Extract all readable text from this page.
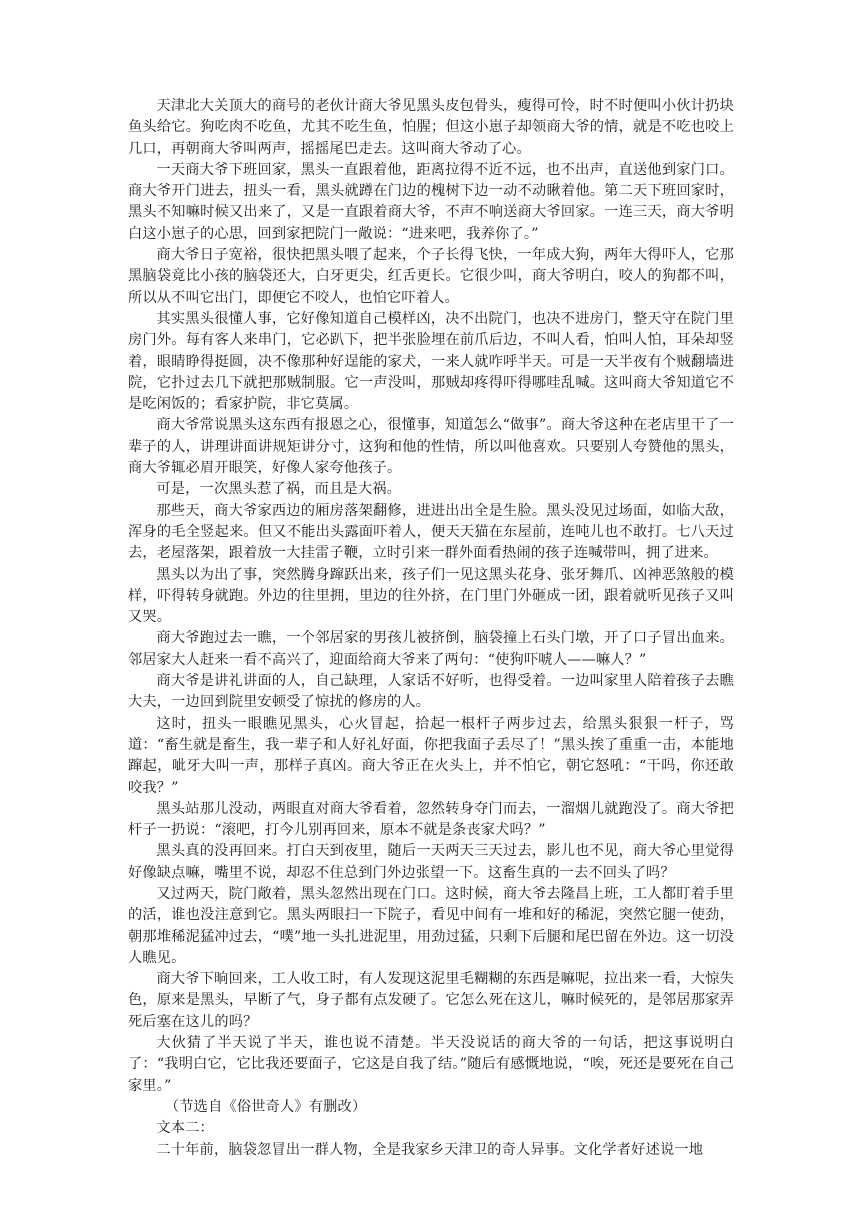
天津北大关顶大的商号的老伙计商大爷见黑头皮包骨头，瘦得可怜，时不时便叫小伙计扔块鱼头给它。狗吃肉不吃鱼，尤其不吃生鱼，怕腥；但这小崽子却领商大爷的情，就是不吃也咬上几口，再朝商大爷叫两声，摇摇尾巴走去。这叫商大爷动了心。

一天商大爷下班回家，黑头一直跟着他，距离拉得不近不远，也不出声，直送他到家门口。商大爷开门进去，扭头一看，黑头就蹲在门边的槐树下边一动不动瞅着他。第二天下班回家时，黑头不知嘛时候又出来了，又是一直跟着商大爷，不声不响送商大爷回家。一连三天，商大爷明白这小崽子的心思，回到家把院门一敞说：“进来吧，我养你了。”

商大爷日子宽裕，很快把黑头喂了起来，个子长得飞快，一年成大狗，两年大得吓人，它那黑脑袋竟比小孩的脑袋还大，白牙更尖，红舌更长。它很少叫，商大爷明白，咬人的狗都不叫，所以从不叫它出门，即便它不咬人，也怕它吓着人。

其实黑头很懂人事，它好像知道自己模样凶，决不出院门，也决不进房门，整天守在院门里房门外。每有客人来串门，它必趴下，把半张脸埋在前爪后边，不叫人看，怕叫人怕，耳朵却竖着，眼睛睁得挺圆，决不像那种好逞能的家犬，一来人就咋呼半天。可是一天半夜有个贼翻墙进院，它扑过去几下就把那贼制服。它一声没叫，那贼却疼得吓得哪哇乱喊。这叫商大爷知道它不是吃闲饭的；看家护院，非它莫属。

商大爷常说黑头这东西有报恩之心，很懂事，知道怎么“做事”。商大爷这种在老店里干了一辈子的人，讲理讲面讲规矩讲分寸，这狗和他的性情，所以叫他喜欢。只要别人夸赞他的黑头，商大爷辄必眉开眼笑，好像人家夸他孩子。

可是，一次黑头惹了祸，而且是大祸。

那些天，商大爷家西边的厢房落架翻修，进进出出全是生脸。黑头没见过场面，如临大敌，浑身的毛全竖起来。但又不能出头露面吓着人，便天天猫在东屋前，连吨儿也不敢打。七八天过去，老屋落架，跟着放一大挂雷子鞭，立时引来一群外面看热闹的孩子连喊带叫，拥了进来。

黑头以为出了事，突然腾身蹿跃出来，孩子们一见这黑头花身、张牙舞爪、凶神恶煞般的模样，吓得转身就跑。外边的往里拥，里边的往外挤，在门里门外砸成一团，跟着就听见孩子又叫又哭。

商大爷跑过去一瞧，一个邻居家的男孩儿被挤倒，脑袋撞上石头门墩，开了口子冒出血来。邻居家大人赶来一看不高兴了，迎面给商大爷来了两句：“使狗吓唬人——嘛人？”

商大爷是讲礼讲面的人，自己缺理，人家话不好听，也得受着。一边叫家里人陪着孩子去瞧大夫，一边回到院里安顿受了惊扰的修房的人。

这时，扭头一眼瞧见黑头，心火冒起，拾起一根杆子两步过去，给黑头狠狠一杆子，骂道：“畜生就是畜生，我一辈子和人好礼好面，你把我面子丢尽了！”黑头挨了重重一击，本能地蹿起，呲牙大叫一声，那样子真凶。商大爷正在火头上，并不怕它，朝它怒吼：“干吗，你还敢咬我？”

黑头站那儿没动，两眼直对商大爷看着，忽然转身夺门而去，一溜烟儿就跑没了。商大爷把杆子一扔说：“滚吧，打今儿别再回来，原本不就是条丧家犬吗？”

黑头真的没再回来。打白天到夜里，随后一天两天三天过去，影儿也不见，商大爷心里觉得好像缺点嘛，嘴里不说，却忍不住总到门外边张望一下。这畜生真的一去不回头了吗？

又过两天，院门敞着，黑头忽然出现在门口。这时候，商大爷去隆昌上班，工人都盯着手里的活，谁也没注意到它。黑头两眼扫一下院子，看见中间有一堆和好的稀泥，突然它腿一使劲，朝那堆稀泥猛冲过去，“噗”地一头扎进泥里，用劲过猛，只剩下后腿和尾巴留在外边。这一切没人瞧见。

商大爷下晌回来，工人收工时，有人发现这泥里毛糊糊的东西是嘛呢，拉出来一看，大惊失色，原来是黑头，早断了气，身子都有点发硬了。它怎么死在这儿，嘛时候死的，是邻居那家弄死后塞在这儿的吗？

大伙猜了半天说了半天，谁也说不清楚。半天没说话的商大爷的一句话，把这事说明白了：“我明白它，它比我还要面子，它这是自我了结。”随后有感慨地说，“唉，死还是要死在自己家里。”

（节选自《俗世奇人》有删改）

文本二：

二十年前，脑袋忽冒出一群人物，全是我家乡天津卫的奇人异事。文化学者好述说一地
